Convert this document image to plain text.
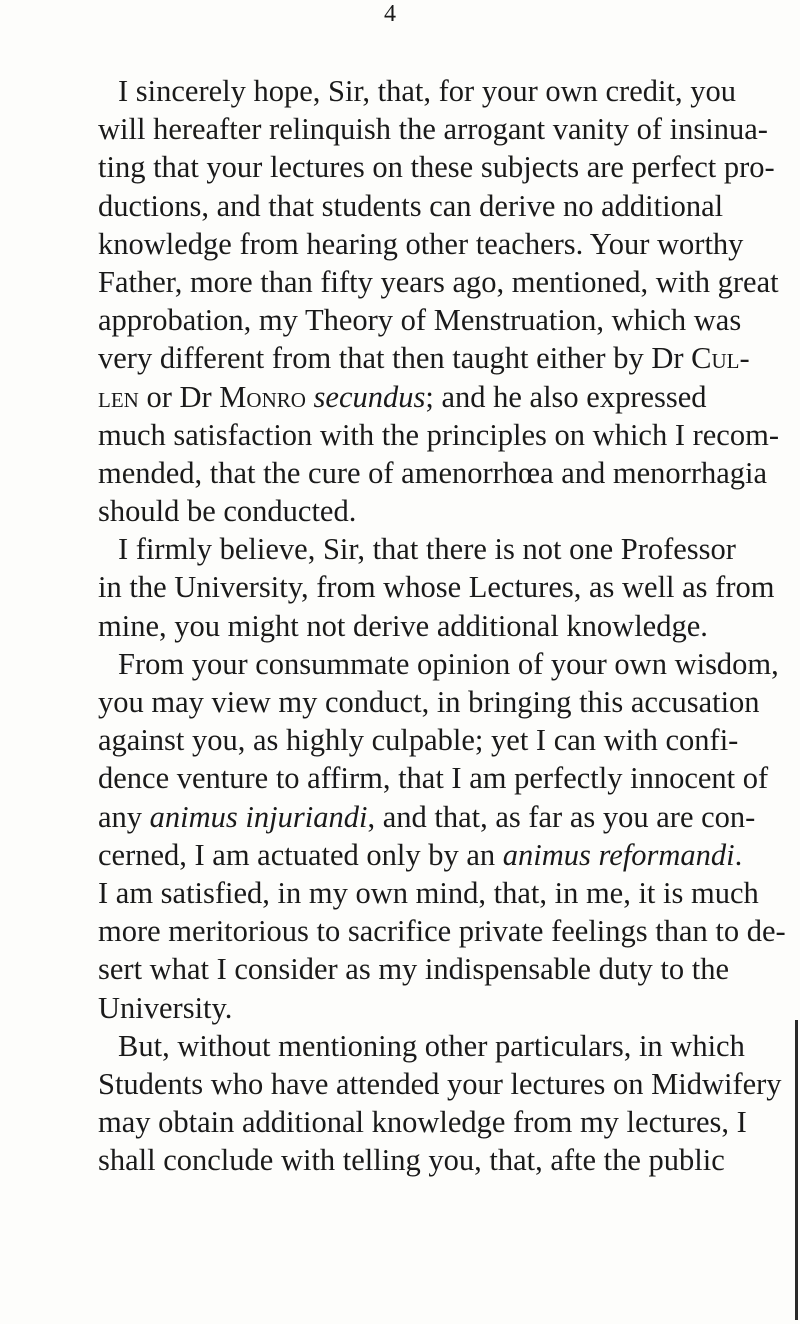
4
I sincerely hope, Sir, that, for your own credit, you
will hereafter relinquish the arrogant vanity of insinua-
ting that your lectures on these subjects are perfect pro-
ductions, and that students can derive no additional
knowledge from hearing other teachers. Your worthy
Father, more than fifty years ago, mentioned, with great
approbation, my Theory of Menstruation, which was
very different from that then taught either by Dr Cul-
len or Dr Monro secundus; and he also expressed
much satisfaction with the principles on which I recom-
mended, that the cure of amenorrhœa and menorrhagia
should be conducted.
I firmly believe, Sir, that there is not one Professor
in the University, from whose Lectures, as well as from
mine, you might not derive additional knowledge.
From your consummate opinion of your own wisdom,
you may view my conduct, in bringing this accusation
against you, as highly culpable; yet I can with confi-
dence venture to affirm, that I am perfectly innocent of
any animus injuriandi, and that, as far as you are con-
cerned, I am actuated only by an animus reformandi.
I am satisfied, in my own mind, that, in me, it is much
more meritorious to sacrifice private feelings than to de-
sert what I consider as my indispensable duty to the
University.
But, without mentioning other particulars, in which
Students who have attended your lectures on Midwifery
may obtain additional knowledge from my lectures, I
shall conclude with telling you, that, afte the public
